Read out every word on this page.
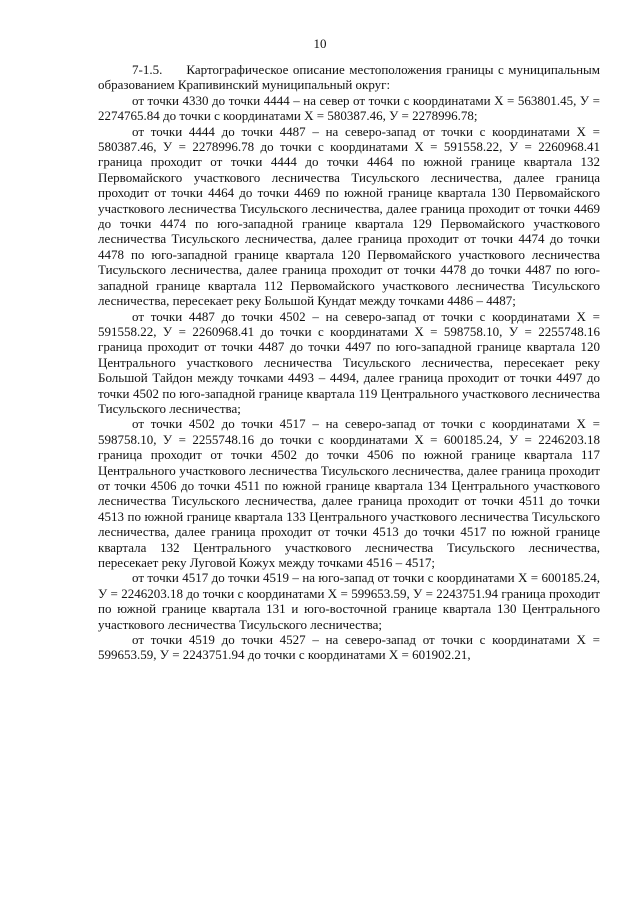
10

7-1.5. Картографическое описание местоположения границы с муниципальным образованием Крапивинский муниципальный округ:

от точки 4330 до точки 4444 – на север от точки с координатами X = 563801.45, У = 2274765.84 до точки с координатами X = 580387.46, У = 2278996.78;

от точки 4444 до точки 4487 – на северо-запад от точки с координатами X = 580387.46, У = 2278996.78 до точки с координатами X = 591558.22, У = 2260968.41 граница проходит от точки 4444 до точки 4464 по южной границе квартала 132 Первомайского участкового лесничества Тисульского лесничества, далее граница проходит от точки 4464 до точки 4469 по южной границе квартала 130 Первомайского участкового лесничества Тисульского лесничества, далее граница проходит от точки 4469 до точки 4474 по юго-западной границе квартала 129 Первомайского участкового лесничества Тисульского лесничества, далее граница проходит от точки 4474 до точки 4478 по юго-западной границе квартала 120 Первомайского участкового лесничества Тисульского лесничества, далее граница проходит от точки 4478 до точки 4487 по юго-западной границе квартала 112 Первомайского участкового лесничества Тисульского лесничества, пересекает реку Большой Кундат между точками 4486 – 4487;

от точки 4487 до точки 4502 – на северо-запад от точки с координатами X = 591558.22, У = 2260968.41 до точки с координатами X = 598758.10, У = 2255748.16 граница проходит от точки 4487 до точки 4497 по юго-западной границе квартала 120 Центрального участкового лесничества Тисульского лесничества, пересекает реку Большой Тайдон между точками 4493 – 4494, далее граница проходит от точки 4497 до точки 4502 по юго-западной границе квартала 119 Центрального участкового лесничества Тисульского лесничества;

от точки 4502 до точки 4517 – на северо-запад от точки с координатами X = 598758.10, У = 2255748.16 до точки с координатами X = 600185.24, У = 2246203.18 граница проходит от точки 4502 до точки 4506 по южной границе квартала 117 Центрального участкового лесничества Тисульского лесничества, далее граница проходит от точки 4506 до точки 4511 по южной границе квартала 134 Центрального участкового лесничества Тисульского лесничества, далее граница проходит от точки 4511 до точки 4513 по южной границе квартала 133 Центрального участкового лесничества Тисульского лесничества, далее граница проходит от точки 4513 до точки 4517 по южной границе квартала 132 Центрального участкового лесничества Тисульского лесничества, пересекает реку Луговой Кожух между точками 4516 – 4517;

от точки 4517 до точки 4519 – на юго-запад от точки с координатами X = 600185.24, У = 2246203.18 до точки с координатами X = 599653.59, У = 2243751.94 граница проходит по южной границе квартала 131 и юго-восточной границе квартала 130 Центрального участкового лесничества Тисульского лесничества;

от точки 4519 до точки 4527 – на северо-запад от точки с координатами X = 599653.59, У = 2243751.94 до точки с координатами X = 601902.21,
